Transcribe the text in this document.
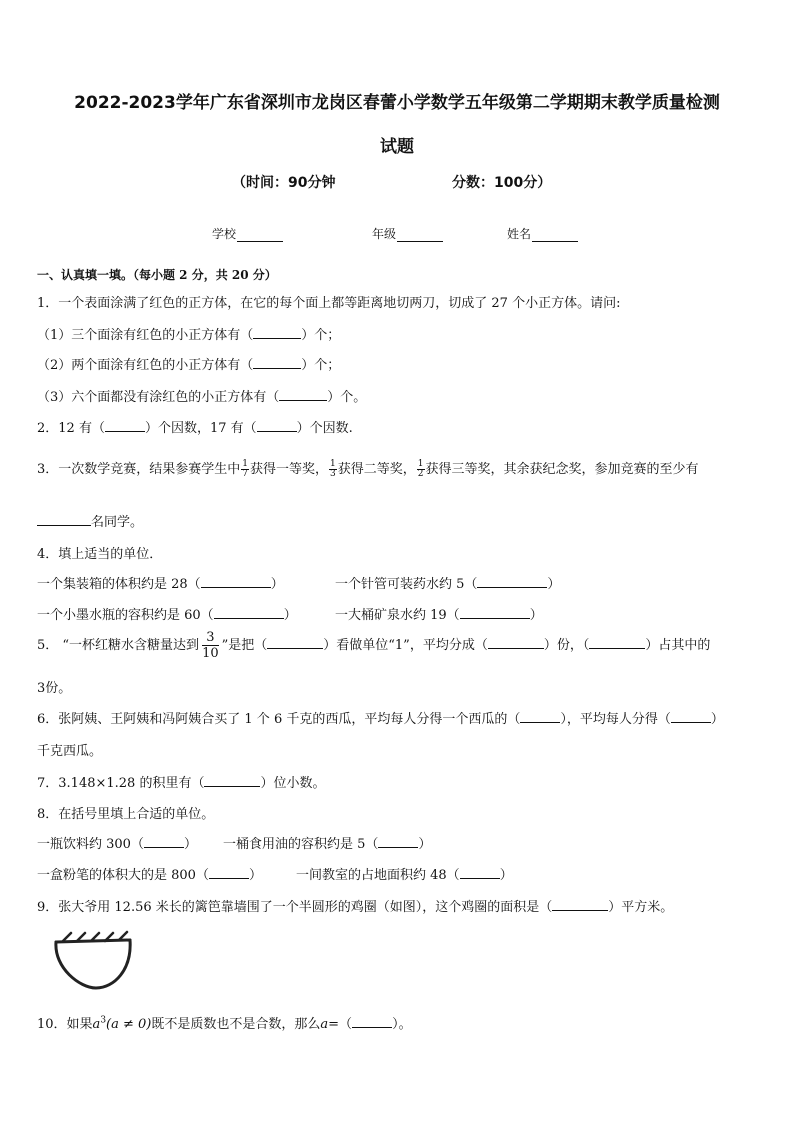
2022-2023学年广东省深圳市龙岗区春蕾小学数学五年级第二学期期末教学质量检测
试题
（时间：90分钟	分数：100分）
学校	年级	姓名
一、认真填一填。（每小题 2 分，共 20 分）
1．一个表面涂满了红色的正方体，在它的每个面上都等距离地切两刀，切成了 27 个小正方体。请问:
（1）三个面涂有红色的小正方体有（	）个；
（2）两个面涂有红色的小正方体有（	）个；
（3）六个面都没有涂红色的小正方体有（	）个。
2．12 有（	）个因数，17 有（	）个因数.
3．一次数学竞赛，结果参赛学生中 $\frac{1}{7}$ 获得一等奖， $\frac{1}{3}$ 获得二等奖， $\frac{1}{2}$ 获得三等奖，其余获纪念奖，参加竞赛的至少有
名同学。
4．填上适当的单位．
一个集装箱的体积约是 28（	）	一个针管可装药水约 5（	）
一个小墨水瓶的容积约是 60（	）	一大桶矿泉水约 19（	）
5． “一杯红糖水含糖量达到 $\frac{3}{10}$ ”是把（	）看做单位“1”，平均分成（	）份，（	）占其中的
3份。
6．张阿姨、王阿姨和冯阿姨合买了 1 个 6 千克的西瓜，平均每人分得一个西瓜的（	），平均每人分得（	）
千克西瓜。
7．3.148×1.28 的积里有（	）位小数。
8．在括号里填上合适的单位。
一瓶饮料约 300（	） 一桶食用油的容积约是 5（	）
一盒粉笔的体积大的是 800（	）	一间教室的占地面积约 48（	）
9．张大爷用 12.56 米长的篱笆靠墙围了一个半圆形的鸡圈（如图），这个鸡圈的面积是（	）平方米。
10．如果$a^3(a \ne 0)$既不是质数也不是合数，那么a=（	）。
